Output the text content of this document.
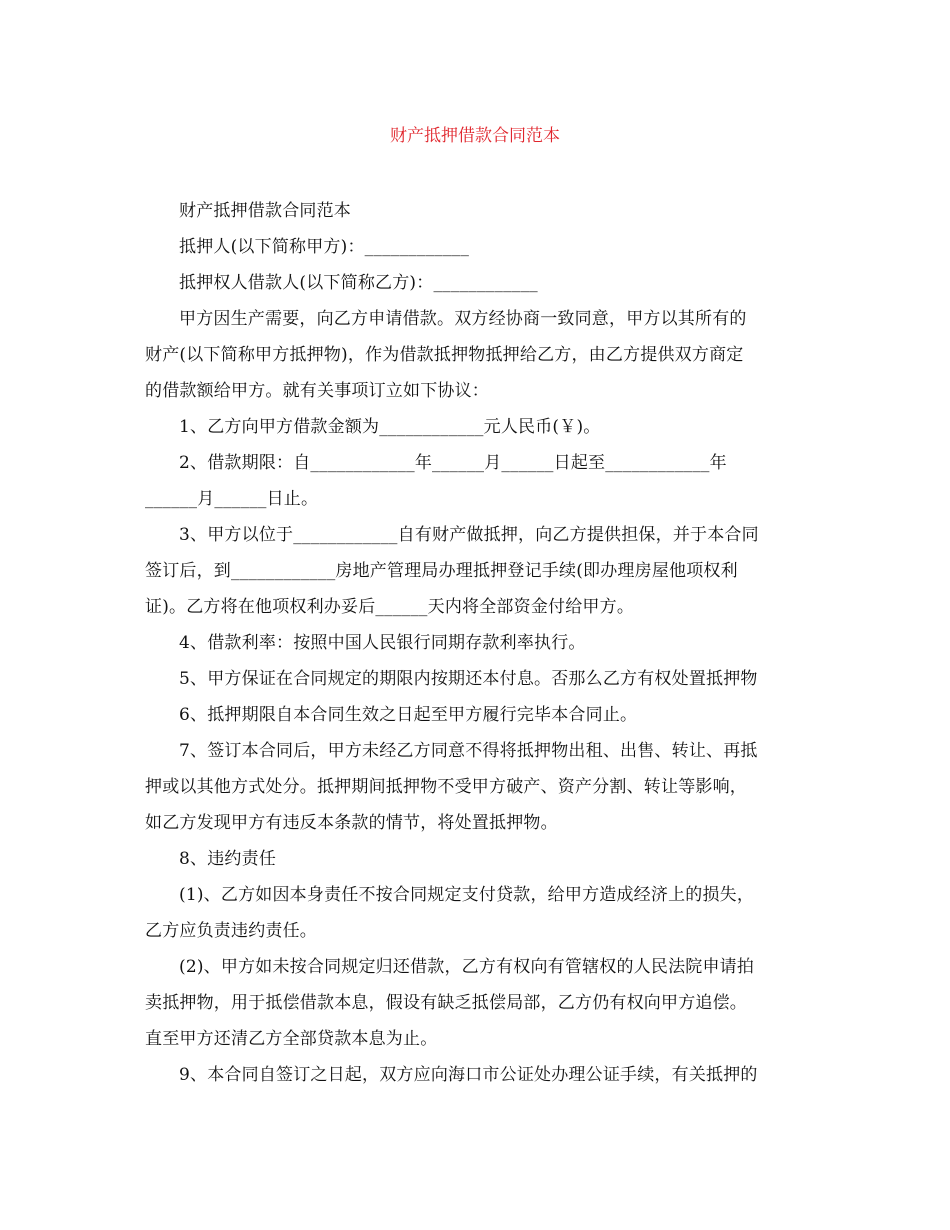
财产抵押借款合同范本
财产抵押借款合同范本
抵押人(以下简称甲方)：____________
抵押权人借款人(以下简称乙方)：____________
甲方因生产需要，向乙方申请借款。双方经协商一致同意，甲方以其所有的
财产(以下简称甲方抵押物)，作为借款抵押物抵押给乙方，由乙方提供双方商定
的借款额给甲方。就有关事项订立如下协议：
1、乙方向甲方借款金额为____________元人民币(￥)。
2、借款期限：自____________年______月______日起至____________年
______月______日止。
3、甲方以位于____________自有财产做抵押，向乙方提供担保，并于本合同
签订后，到____________房地产管理局办理抵押登记手续(即办理房屋他项权利
证)。乙方将在他项权利办妥后______天内将全部资金付给甲方。
4、借款利率：按照中国人民银行同期存款利率执行。
5、甲方保证在合同规定的期限内按期还本付息。否那么乙方有权处置抵押物
6、抵押期限自本合同生效之日起至甲方履行完毕本合同止。
7、签订本合同后，甲方未经乙方同意不得将抵押物出租、出售、转让、再抵
押或以其他方式处分。抵押期间抵押物不受甲方破产、资产分割、转让等影响，
如乙方发现甲方有违反本条款的情节，将处置抵押物。
8、违约责任
(1)、乙方如因本身责任不按合同规定支付贷款，给甲方造成经济上的损失，
乙方应负责违约责任。
(2)、甲方如未按合同规定归还借款，乙方有权向有管辖权的人民法院申请拍
卖抵押物，用于抵偿借款本息，假设有缺乏抵偿局部，乙方仍有权向甲方追偿。
直至甲方还清乙方全部贷款本息为止。
9、本合同自签订之日起，双方应向海口市公证处办理公证手续，有关抵押的
